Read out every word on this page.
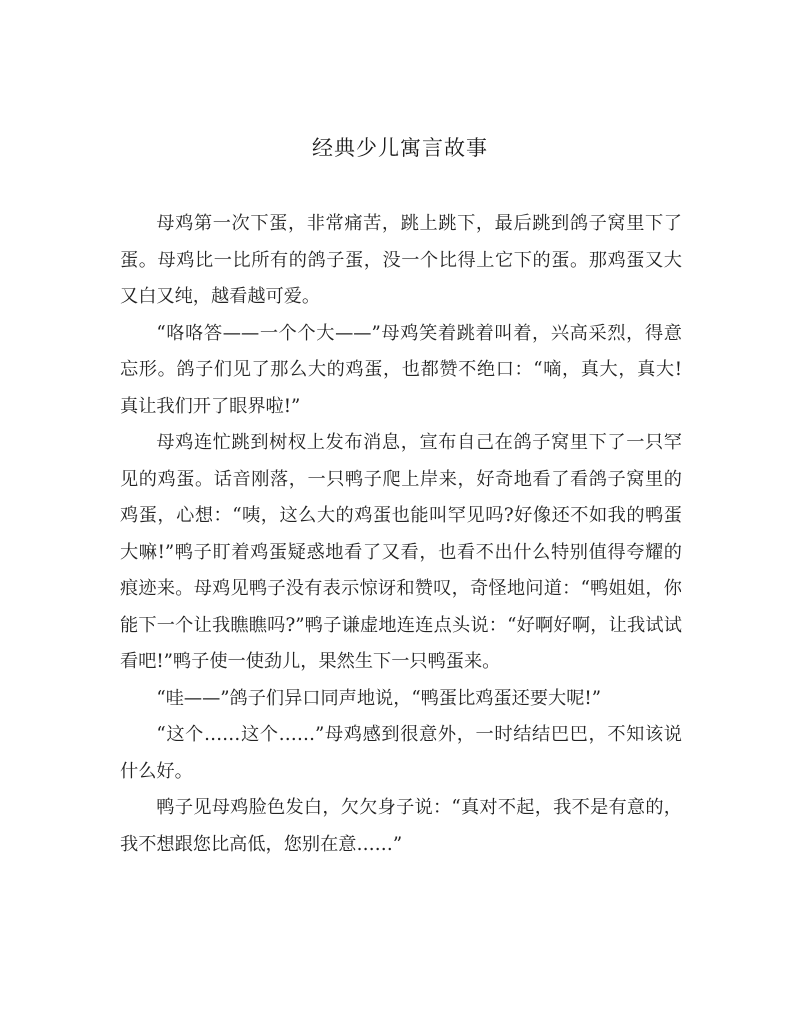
经典少儿寓言故事

母鸡第一次下蛋，非常痛苦，跳上跳下，最后跳到鸽子窝里下了蛋。母鸡比一比所有的鸽子蛋，没一个比得上它下的蛋。那鸡蛋又大又白又纯，越看越可爱。

“咯咯答——一个个大——”母鸡笑着跳着叫着，兴高采烈，得意忘形。鸽子们见了那么大的鸡蛋，也都赞不绝口：“嘀，真大，真大!真让我们开了眼界啦!”

母鸡连忙跳到树杈上发布消息，宣布自己在鸽子窝里下了一只罕见的鸡蛋。话音刚落，一只鸭子爬上岸来，好奇地看了看鸽子窝里的鸡蛋，心想：“咦，这么大的鸡蛋也能叫罕见吗?好像还不如我的鸭蛋大嘛!”鸭子盯着鸡蛋疑惑地看了又看，也看不出什么特别值得夸耀的痕迹来。母鸡见鸭子没有表示惊讶和赞叹，奇怪地问道：“鸭姐姐，你能下一个让我瞧瞧吗?”鸭子谦虚地连连点头说：“好啊好啊，让我试试看吧!”鸭子使一使劲儿，果然生下一只鸭蛋来。

“哇——”鸽子们异口同声地说，“鸭蛋比鸡蛋还要大呢!”

“这个……这个……”母鸡感到很意外，一时结结巴巴，不知该说什么好。

鸭子见母鸡脸色发白，欠欠身子说：“真对不起，我不是有意的，我不想跟您比高低，您别在意……”
